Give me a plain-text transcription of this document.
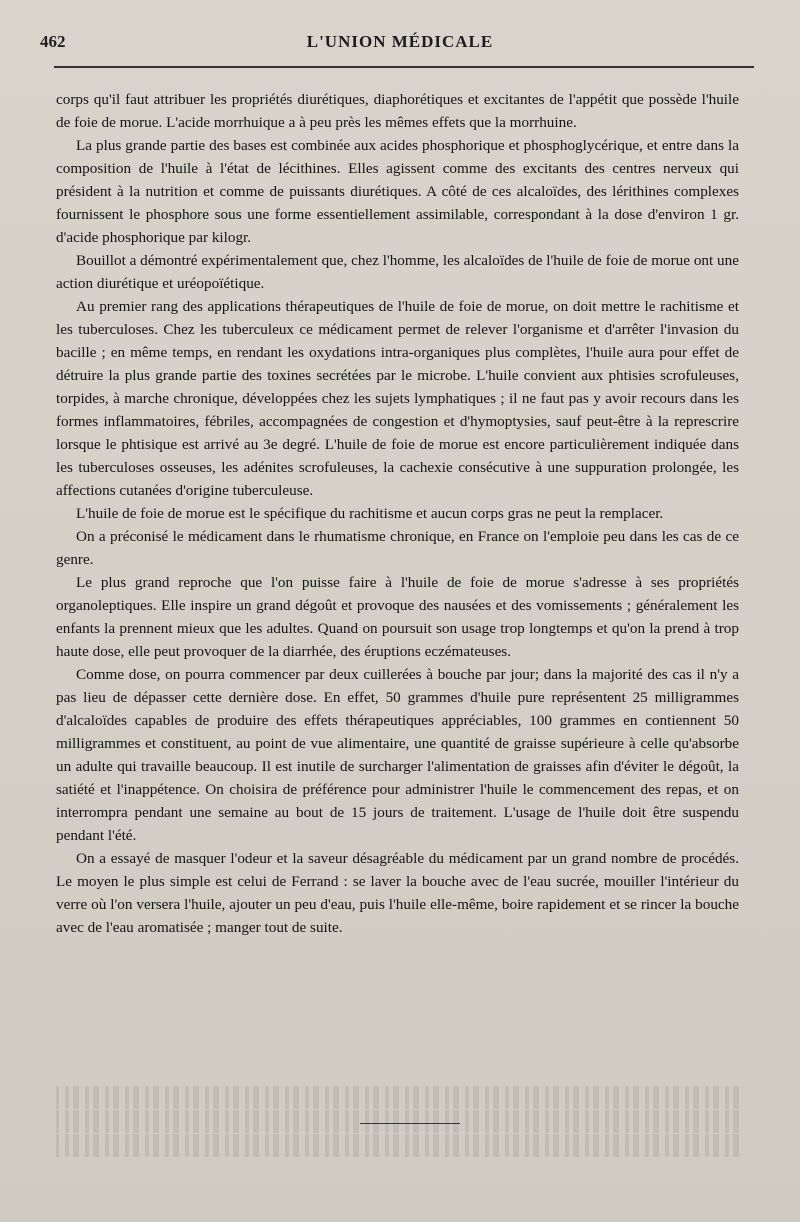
462	L'UNION MÉDICALE

corps qu'il faut attribuer les propriétés diurétiques, diaphorétiques et excitantes de l'appétit que possède l'huile de foie de morue. L'acide morrhuique a à peu près les mêmes effets que la morrhuine.

La plus grande partie des bases est combinée aux acides phosphorique et phosphoglycérique, et entre dans la composition de l'huile à l'état de lécithines. Elles agissent comme des excitants des centres nerveux qui président à la nutrition et comme de puissants diurétiques. A côté de ces alcaloïdes, des lérithines complexes fournissent le phosphore sous une forme essentiellement assimilable, correspondant à la dose d'environ 1 gr. d'acide phosphorique par kilogr.

Bouillot a démontré expérimentalement que, chez l'homme, les alcaloïdes de l'huile de foie de morue ont une action diurétique et uréopoïétique.

Au premier rang des applications thérapeutiques de l'huile de foie de morue, on doit mettre le rachitisme et les tuberculoses. Chez les tuberculeux ce médicament permet de relever l'organisme et d'arrêter l'invasion du bacille ; en même temps, en rendant les oxydations intra-organiques plus complètes, l'huile aura pour effet de détruire la plus grande partie des toxines secrétées par le microbe. L'huile convient aux phtisies scrofuleuses, torpides, à marche chronique, développées chez les sujets lymphatiques ; il ne faut pas y avoir recours dans les formes inflammatoires, fébriles, accompagnées de congestion et d'hymoptysies, sauf peut-être à la represcrire lorsque le phtisique est arrivé au 3e degré. L'huile de foie de morue est encore particulièrement indiquée dans les tuberculoses osseuses, les adénites scrofuleuses, la cachexie consécutive à une suppuration prolongée, les affections cutanées d'origine tuberculeuse.

L'huile de foie de morue est le spécifique du rachitisme et aucun corps gras ne peut la remplacer.

On a préconisé le médicament dans le rhumatisme chronique, en France on l'emploie peu dans les cas de ce genre.

Le plus grand reproche que l'on puisse faire à l'huile de foie de morue s'adresse à ses propriétés organoleptiques. Elle inspire un grand dégoût et provoque des nausées et des vomissements ; généralement les enfants la prennent mieux que les adultes. Quand on poursuit son usage trop longtemps et qu'on la prend à trop haute dose, elle peut provoquer de la diarrhée, des éruptions eczémateuses.

Comme dose, on pourra commencer par deux cuillerées à bouche par jour; dans la majorité des cas il n'y a pas lieu de dépasser cette dernière dose. En effet, 50 grammes d'huile pure représentent 25 milligrammes d'alcaloïdes capables de produire des effets thérapeutiques appréciables, 100 grammes en contiennent 50 milligrammes et constituent, au point de vue alimentaire, une quantité de graisse supérieure à celle qu'absorbe un adulte qui travaille beaucoup. Il est inutile de surcharger l'alimentation de graisses afin d'éviter le dégoût, la satiété et l'inappétence. On choisira de préférence pour administrer l'huile le commencement des repas, et on interrompra pendant une semaine au bout de 15 jours de traitement. L'usage de l'huile doit être suspendu pendant l'été.

On a essayé de masquer l'odeur et la saveur désagréable du médicament par un grand nombre de procédés. Le moyen le plus simple est celui de Ferrand : se laver la bouche avec de l'eau sucrée, mouiller l'intérieur du verre où l'on versera l'huile, ajouter un peu d'eau, puis l'huile elle-même, boire rapidement et se rincer la bouche avec de l'eau aromatisée ; manger tout de suite.
